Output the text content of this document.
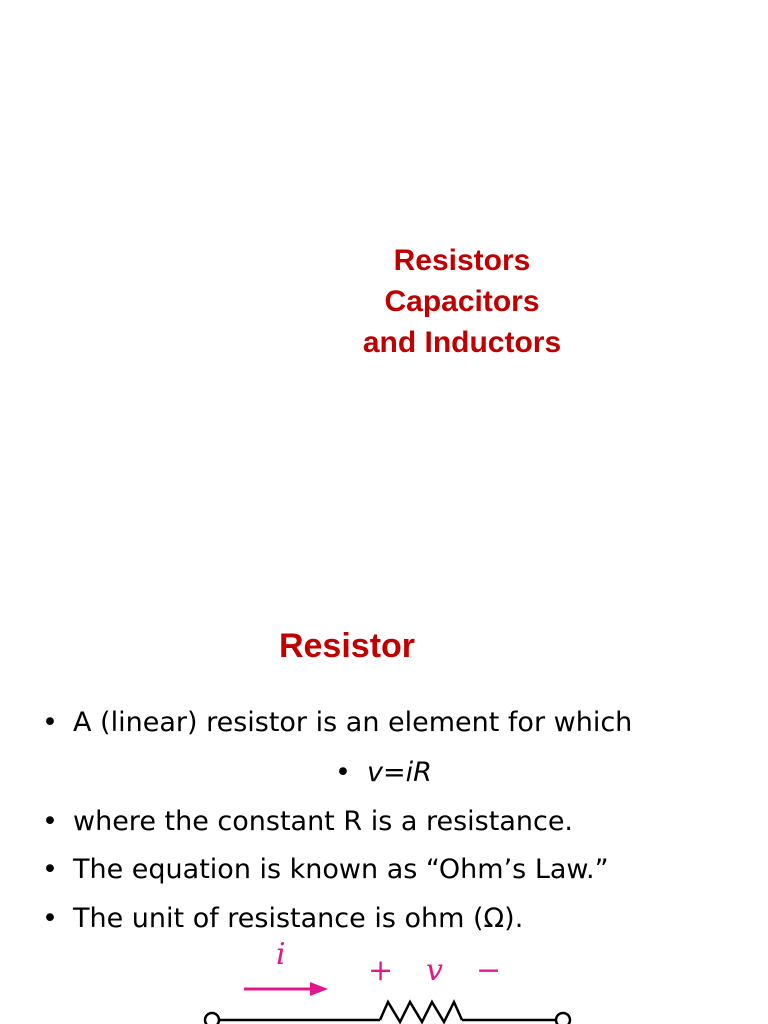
Resistors
Capacitors
and Inductors
Resistor
• A (linear) resistor is an element for which
• v=iR
• where the constant R is a resistance.
• The equation is known as “Ohm’s Law.”
• The unit of resistance is ohm (Ω).
i	+ v −
